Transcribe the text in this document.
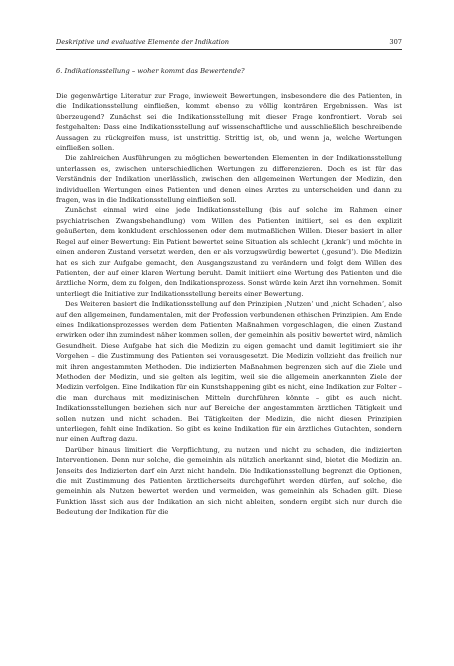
Deskriptive und evaluative Elemente der Indikation	307
6. Indikationsstellung – woher kommt das Bewertende?

Die gegenwärtige Literatur zur Frage, inwieweit Bewertungen, insbesondere die des Patienten, in die Indikationsstellung einfließen, kommt ebenso zu völlig konträren Ergebnissen. Was ist überzeugend? Zunächst sei die Indikationsstellung mit dieser Frage konfrontiert. Vorab sei festgehalten: Dass eine Indikationsstellung auf wissenschaftliche und ausschließlich beschreibende Aussagen zu rückgreifen muss, ist unstrittig. Strittig ist, ob, und wenn ja, welche Wertungen einfließen sollen.

Die zahlreichen Ausführungen zu möglichen bewertenden Elementen in der Indikationsstellung unterlassen es, zwischen unterschiedlichen Wertungen zu differenzieren. Doch es ist für das Verständnis der Indikation unerlässlich, zwischen den allgemeinen Wertungen der Medizin, den individuellen Wertungen eines Patienten und denen eines Arztes zu unterscheiden und dann zu fragen, was in die Indikationsstellung einfließen soll.

Zunächst einmal wird eine jede Indikationsstellung (bis auf solche im Rahmen einer psychiatrischen Zwangsbehandlung) vom Willen des Patienten initiiert, sei es den explizit geäußerten, dem konkludent erschlossenen oder dem mutmaßlichen Willen. Dieser basiert in aller Regel auf einer Bewertung: Ein Patient bewertet seine Situation als schlecht (‚krank‘) und möchte in einen anderen Zustand versetzt werden, den er als vorzugswürdig bewertet (‚gesund‘). Die Medizin hat es sich zur Aufgabe gemacht, den Ausgangszustand zu verändern und folgt dem Willen des Patienten, der auf einer klaren Wertung beruht. Damit initiiert eine Wertung des Patienten und die ärztliche Norm, dem zu folgen, den Indikationsprozess. Sonst würde kein Arzt ihn vornehmen. Somit unterliegt die Initiative zur Indikationsstellung bereits einer Bewertung.

Des Weiteren basiert die Indikationsstellung auf den Prinzipien ‚Nutzen‘ und ‚nicht Schaden‘, also auf den allgemeinen, fundamentalen, mit der Profession verbundenen ethischen Prinzipien. Am Ende eines Indikationsprozesses werden dem Patienten Maßnahmen vorgeschlagen, die einen Zustand erwirken oder ihn zumindest näher kommen sollen, der gemeinhin als positiv bewertet wird, nämlich Gesundheit. Diese Aufgabe hat sich die Medizin zu eigen gemacht und damit legitimiert sie ihr Vorgehen – die Zustimmung des Patienten sei vorausgesetzt. Die Medizin vollzieht das freilich nur mit ihren angestammten Methoden. Die indizierten Maßnahmen begrenzen sich auf die Ziele und Methoden der Medizin, und sie gelten als legitim, weil sie die allgemein anerkannten Ziele der Medizin verfolgen. Eine Indikation für ein Kunstshappening gibt es nicht, eine Indikation zur Folter – die man durchaus mit medizinischen Mitteln durchführen könnte – gibt es auch nicht. Indikationsstellungen beziehen sich nur auf Bereiche der angestammten ärztlichen Tätigkeit und sollen nutzen und nicht schaden. Bei Tätigkeiten der Medizin, die nicht diesen Prinzipien unterliegen, fehlt eine Indikation. So gibt es keine Indikation für ein ärztliches Gutachten, sondern nur einen Auftrag dazu.

Darüber hinaus limitiert die Verpflichtung, zu nutzen und nicht zu schaden, die indizierten Interventionen. Denn nur solche, die gemeinhin als nützlich anerkannt sind, bietet die Medizin an. Jenseits des Indizierten darf ein Arzt nicht handeln. Die Indikationsstellung begrenzt die Optionen, die mit Zustimmung des Patienten ärztlicherseits durchgeführt werden dürfen, auf solche, die gemeinhin als Nutzen bewertet werden und vermeiden, was gemeinhin als Schaden gilt. Diese Funktion lässt sich aus der Indikation an sich nicht ableiten, sondern ergibt sich nur durch die Bedeutung der Indikation für die
